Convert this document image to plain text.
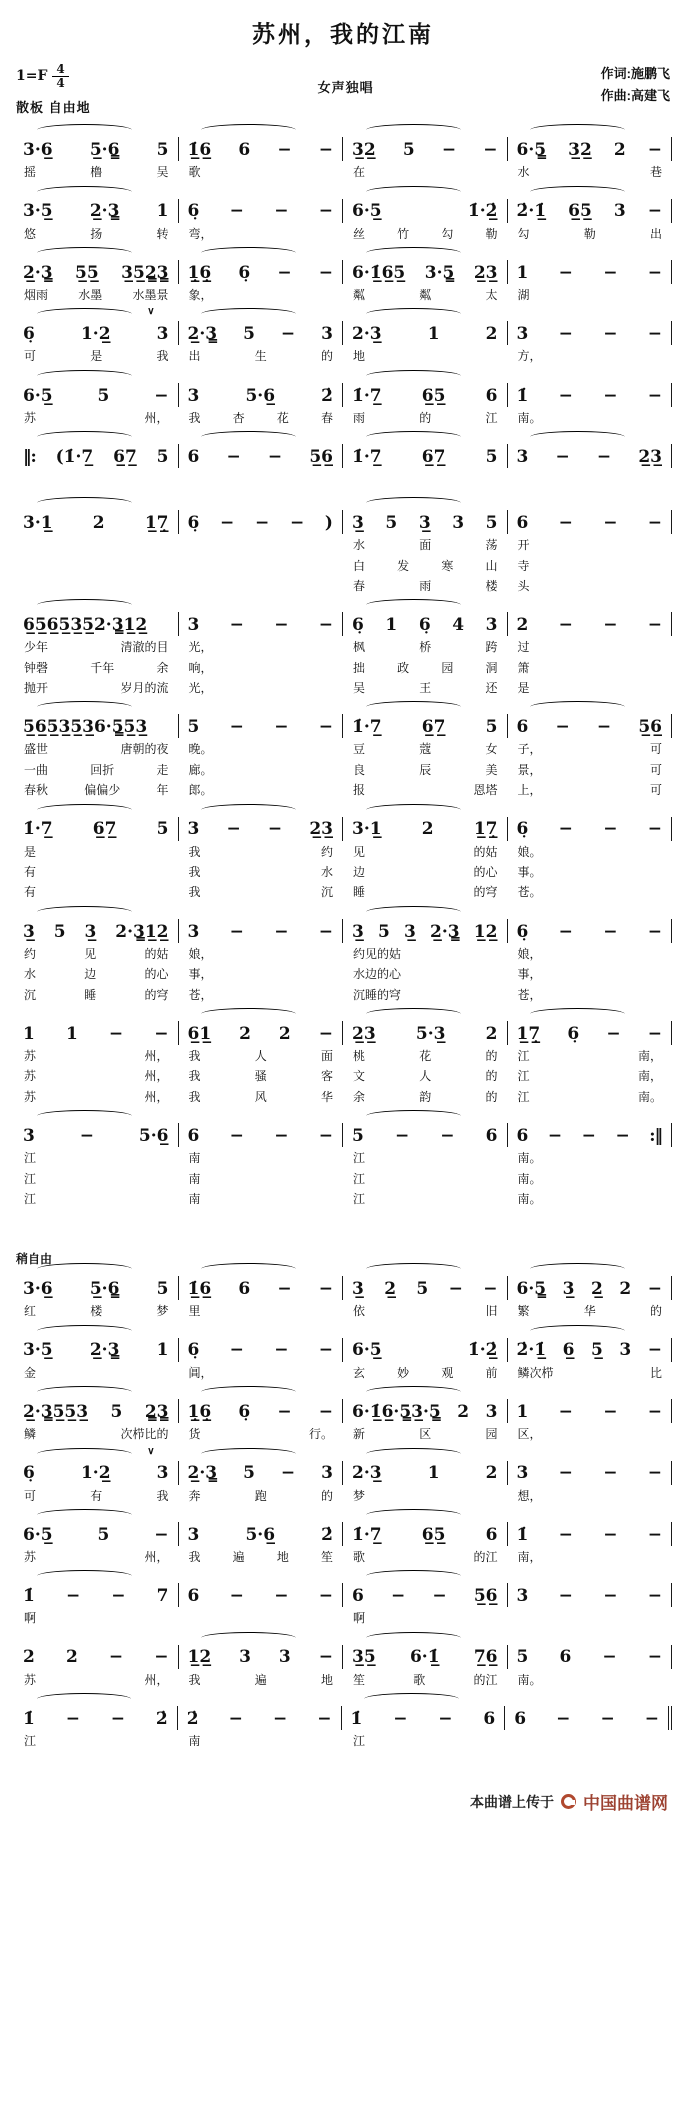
苏州，我的江南
$1=F \frac{4}{4}$
散板 自由地
女声独唱
作词:施鹏飞
作曲:高建飞
3·6̲ 5̲·6̳ 5 1̲̇6̲ 6 − − 3̲2̲ 5 − − 6·5̳ 3̲2̲ 2 −
摇	橹	吴 歌	在	水	巷
3·5̲ 2̲·3̳ 1 6̣ − − − 6·5̲	1̇·2̲̇ 2̇·1̲̇ 6̲5̲ 3 −
悠	扬	转 弯，	丝	竹	勾	勒 勾	勒	出
2̲·3̳ 5̲5̲ 3̲5̲2̳3̳ 1̣̲6̣̲ 6̣ − − 6·1̲̇6̲5̲ 3·5̳ 2̲3̲ 1 − − −
烟雨	水墨	水墨景 象，	粼	粼	太 湖
∨
6̣	1·2̲	3 2̲·3̳ 5 − 3 2·3̲	1	2 3 − − −
可	是	我 出	生	的 地	方，
6·5̲	5	− 3	5·6̲	2̇ 1̇·7̲ 6̲5̲ 6 1̇ − − −
苏	州， 我	杏	花	春 雨	的	江 南。
‖: (1̇·7̲ 6̲7̲ 5 6 − − 5̲6̲ 1̇·7̲ 6̲7̲ 5 3 − − 2̲3̲
3·1̲ 2 1̲7̣̲ 6̣ − − − ) 3̲ 5 3̲ 3 5 6 − − −
水	面	荡 开
白	发	寒	山 寺
春	雨	楼 头
6̲5̲6̲5̲3̲5̲2·3̳1̲2̲ 3 − − − 6̣ 1 6̣ 4 3 2 − − −
少年	清澈的目 光，	枫	桥	跨 过
钟磬	千年	余 响，	拙	政	园	洞 箫
抛开	岁月的流 光，	吴	王	还 是
5̲6̲5̲3̲5̲3̲6·5̳5̲3̲ 5 − − − 1̇·7̲ 6̲7̲ 5 6 − − 5̲6̲
盛世	唐朝的夜 晚。	豆	蔻	女 子，	可
一曲	回折	走 廊。	良	辰	美 景，	可
春秋	偏偏少	年 郎。	报	恩塔 上，	可
1̇·7̲ 6̲7̲ 5 3 − − 2̲3̲ 3·1̲ 2 1̲7̣̲ 6̣ − − −
是	我	约 见	的姑 娘。
有	我	水 边	的心 事。
有	我	沉 睡	的穹 苍。
3̲ 5 3̲ 2·3̳1̲2̲ 3 − − − 3̲ 5 3̲ 2̲·3̳ 1̲2̲ 6̣ − − −
约	见	的姑 娘，	约见的姑	娘，
水	边	的心 事，	水边的心	事，
沉	睡	的穹 苍，	沉睡的穹	苍，
1 1 − − 6̲1̲ 2 2 − 2̲3̲ 5·3̲ 2 1̲7̣̲ 6̣ − −
苏	州， 我	人	面 桃	花	的 江	南，
苏	州， 我	骚	客 文	人	的 江	南，
苏	州， 我	风	华 余	韵	的 江	南。
3	−	5·6̲ 6 − − − 5 − − 6 6 − − − :‖
江	南	江	南。
江	南	江	南。
江	南	江	南。
稍自由
3·6̲ 5̲·6̳ 5 1̲̇6̲ 6 − − 3̲ 2̲ 5 − − 6·5̳ 3̲ 2̲ 2 −
红	楼	梦 里	依	旧 繁	华	的
3·5̲ 2̲·3̳ 1 6̣ − − − 6·5̲	1̇·2̲̇ 2̇·1̲̇ 6̲ 5̲ 3 −
金	阊，	玄	妙	观	前 鳞次栉	比
2̲·3̳5̲5̲3̲ 5 2̳3̳ 1̣̲6̣̲ 6̣ − − 6·1̲̇6̲·5̳3̲·5̳ 2 3 1 − − −
鳞	次栉比的 货	行。 新	区	园 区，
∨
6̣	1·2̲	3 2̲·3̳ 5 − 3 2·3̲	1	2 3 − − −
可	有	我 奔	跑	的 梦	想，
6·5̲	5	− 3	5·6̲	2̇ 1̇·7̲ 6̲5̲ 6 1̇ − − −
苏	州， 我	遍	地	笙 歌	的江 南，
1̇ − − 7 6 − − − 6 − − 5̲6̲ 3 − − −
啊	啊
2 2 − − 1̲2̲ 3 3 − 3̲5̲ 6·1̲̇ 7̲6̲ 5 6 − −
苏	州， 我	遍	地 笙	歌	的江 南。
1̇ − − 2̇ 2̇ − − − 1̇ − − 6 6 − − −
江	南	江
本曲谱上传于 中国曲谱网
